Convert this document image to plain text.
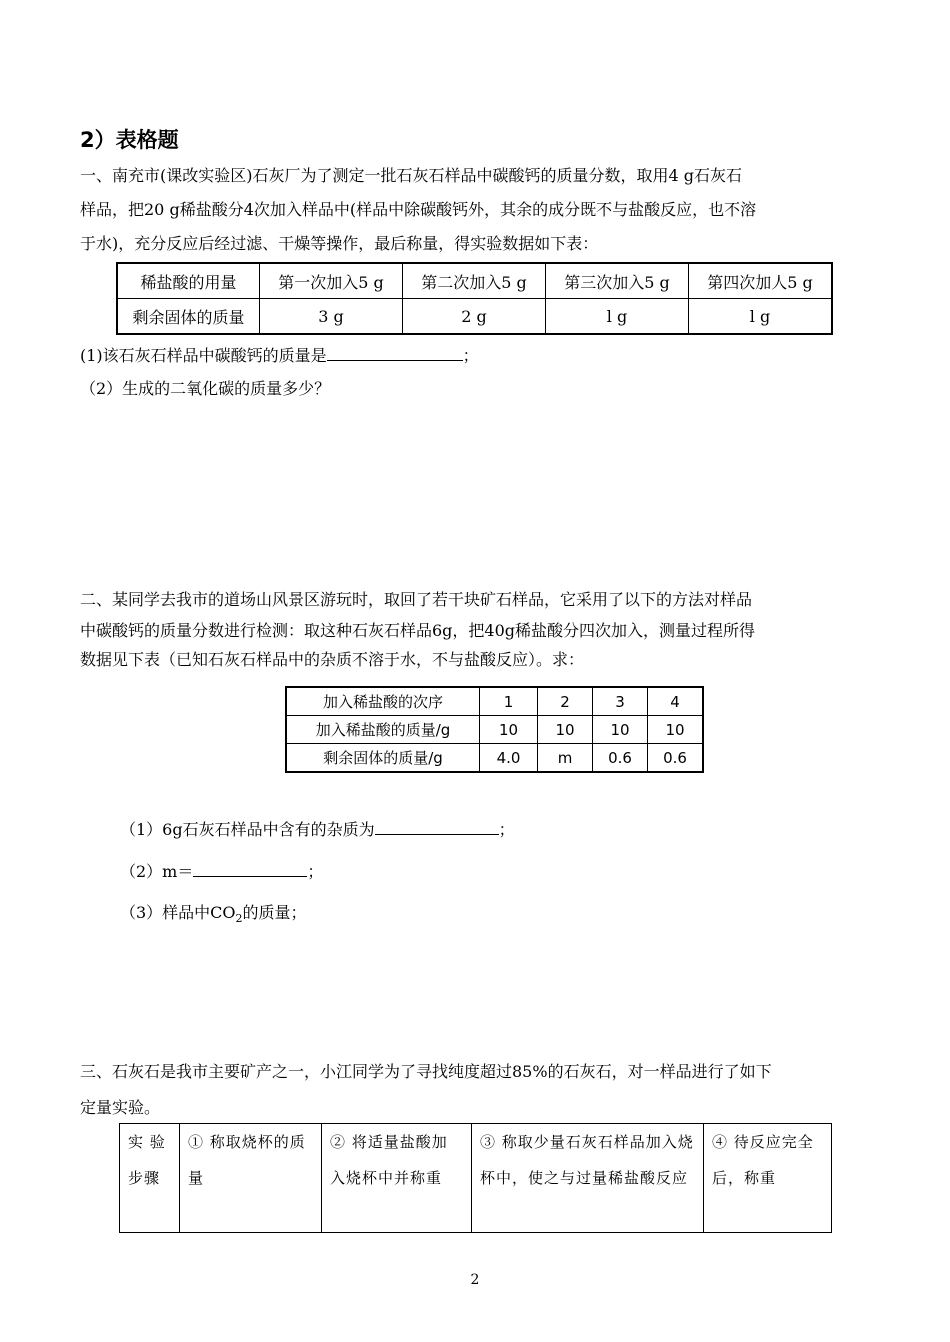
2）表格题
一、南充市(课改实验区)石灰厂为了测定一批石灰石样品中碳酸钙的质量分数，取用4 g石灰石
样品，把20 g稀盐酸分4次加入样品中(样品中除碳酸钙外，其余的成分既不与盐酸反应，也不溶
于水)，充分反应后经过滤、干燥等操作，最后称量，得实验数据如下表：
稀盐酸的用量	第一次加入5 g	第二次加入5 g	第三次加入5 g	第四次加人5 g
剩余固体的质量	3 g	2 g	l g	l g
(1)该石灰石样品中碳酸钙的质量是	；
（2）生成的二氧化碳的质量多少？
二、某同学去我市的道场山风景区游玩时，取回了若干块矿石样品，它采用了以下的方法对样品
中碳酸钙的质量分数进行检测：取这种石灰石样品6g，把40g稀盐酸分四次加入，测量过程所得
数据见下表（已知石灰石样品中的杂质不溶于水，不与盐酸反应）。求：
加入稀盐酸的次序	1	2	3	4
加入稀盐酸的质量/g	10	10	10	10
剩余固体的质量/g	4.0	m	0.6	0.6
（1）6g石灰石样品中含有的杂质为	；
（2）m＝	；
（3）样品中$CO_2$的质量；
三、石灰石是我市主要矿产之一，小江同学为了寻找纯度超过85%的石灰石，对一样品进行了如下
定量实验。
实 验 步骤	① 称取烧杯的质量	② 将适量盐酸加入烧杯中并称重	③ 称取少量石灰石样品加入烧杯中，使之与过量稀盐酸反应	④ 待反应完全后，称重
2
